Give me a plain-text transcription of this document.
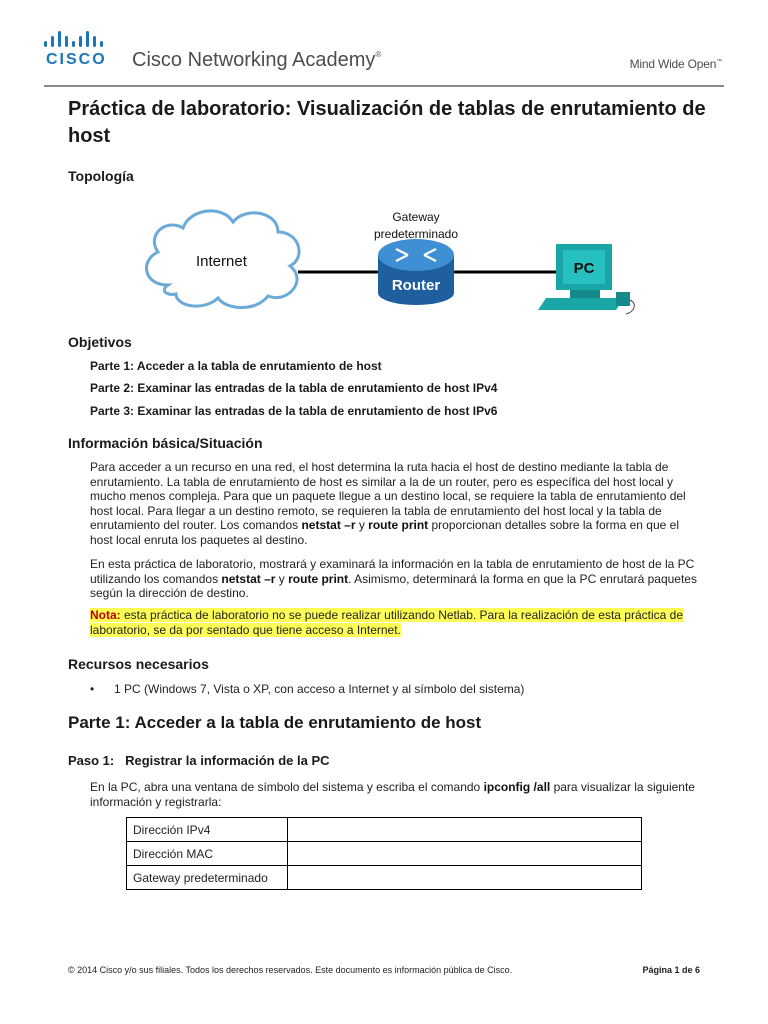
CISCO Cisco Networking Academy®
Mind Wide Open™
Práctica de laboratorio: Visualización de tablas de enrutamiento de host
Topología
Internet
Gateway
predeterminado
Router
PC
Objetivos
Parte 1: Acceder a la tabla de enrutamiento de host
Parte 2: Examinar las entradas de la tabla de enrutamiento de host IPv4
Parte 3: Examinar las entradas de la tabla de enrutamiento de host IPv6
Información básica/Situación

Para acceder a un recurso en una red, el host determina la ruta hacia el host de destino mediante la tabla de enrutamiento. La tabla de enrutamiento de host es similar a la de un router, pero es específica del host local y mucho menos compleja. Para que un paquete llegue a un destino local, se requiere la tabla de enrutamiento del host local. Para llegar a un destino remoto, se requieren la tabla de enrutamiento del host local y la tabla de enrutamiento del router. Los comandos netstat –r y route print proporcionan detalles sobre la forma en que el host local enruta los paquetes al destino.

En esta práctica de laboratorio, mostrará y examinará la información en la tabla de enrutamiento de host de la PC utilizando los comandos netstat –r y route print. Asimismo, determinará la forma en que la PC enrutará paquetes según la dirección de destino.

Nota: esta práctica de laboratorio no se puede realizar utilizando Netlab. Para la realización de esta práctica de laboratorio, se da por sentado que tiene acceso a Internet.

Recursos necesarios
• 1 PC (Windows 7, Vista o XP, con acceso a Internet y al símbolo del sistema)
Parte 1: Acceder a la tabla de enrutamiento de host
Paso 1:   Registrar la información de la PC

En la PC, abra una ventana de símbolo del sistema y escriba el comando ipconfig /all para visualizar la siguiente información y registrarla:

Dirección IPv4	
Dirección MAC	
Gateway predeterminado	
© 2014 Cisco y/o sus filiales. Todos los derechos reservados. Este documento es información pública de Cisco.	Página 1 de 6
